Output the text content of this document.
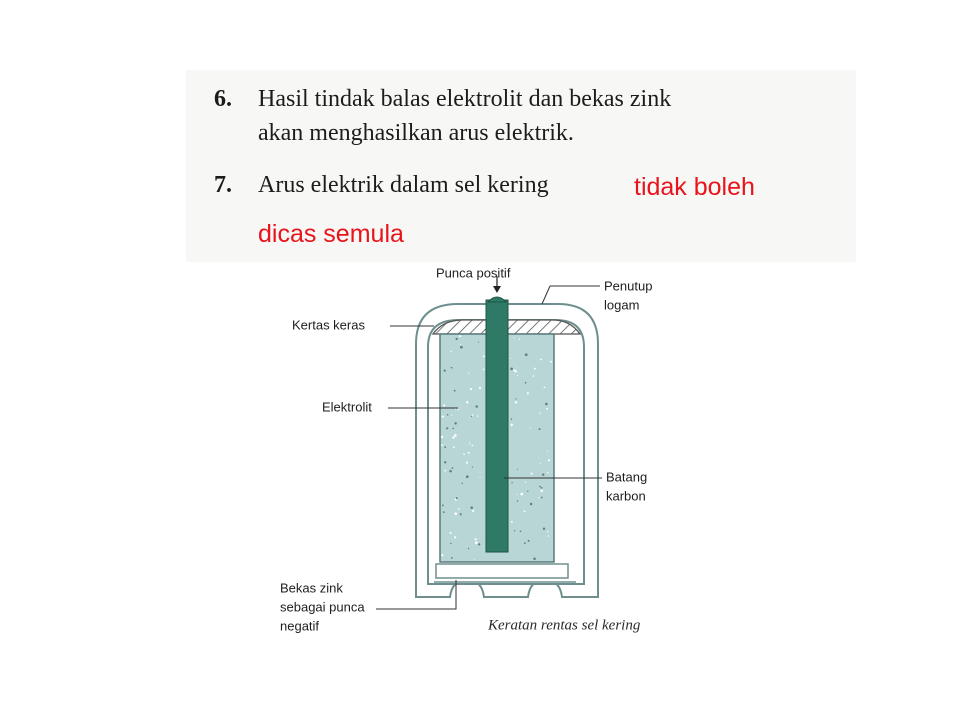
6. Hasil tindak balas elektrolit dan bekas zink
akan menghasilkan arus elektrik.
7. Arus elektrik dalam sel kering	tidak boleh
dicas semula
Punca positif
Penutup
logam
Kertas keras
Elektrolit
Batang
karbon
Bekas zink
sebagai punca
negatif	Keratan rentas sel kering
